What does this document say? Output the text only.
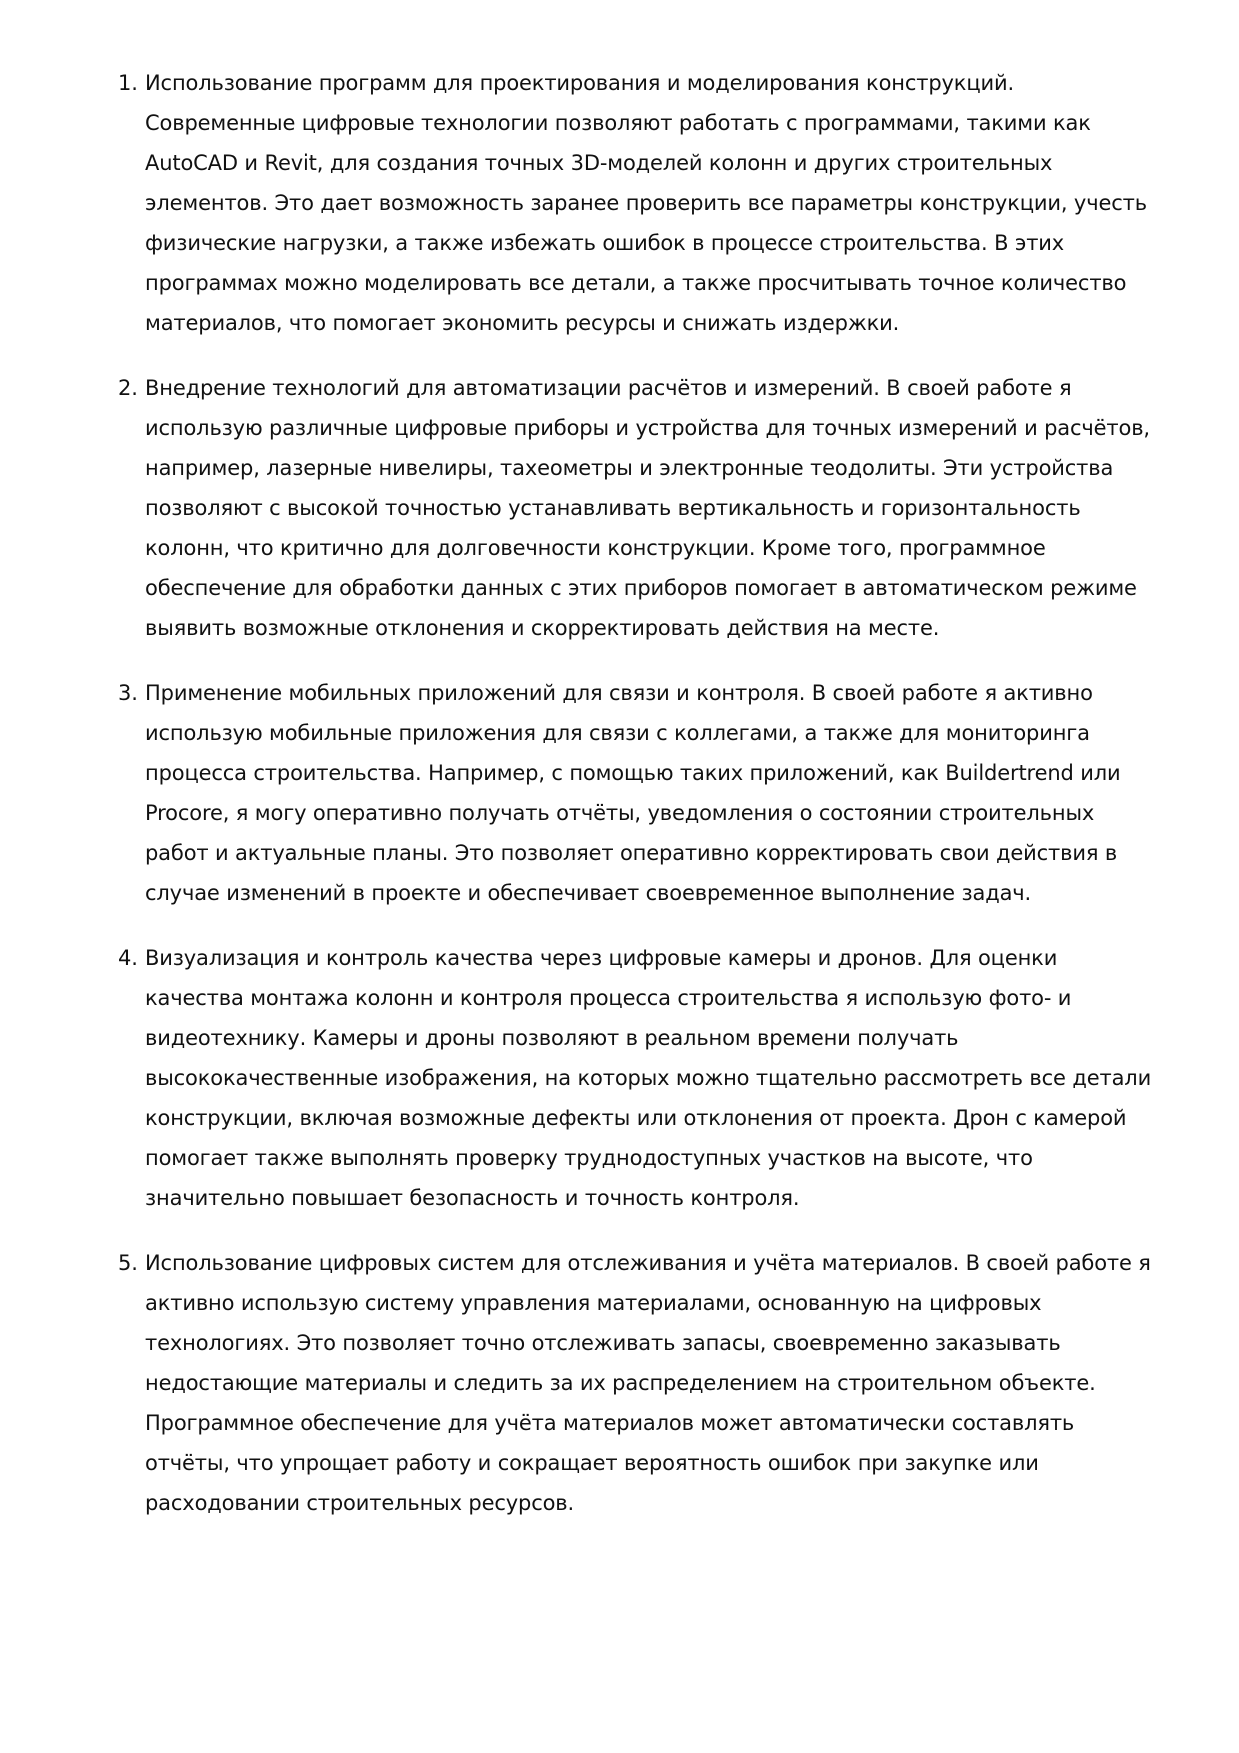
1. Использование программ для проектирования и моделирования конструкций. Современные цифровые технологии позволяют работать с программами, такими как AutoCAD и Revit, для создания точных 3D-моделей колонн и других строительных элементов. Это дает возможность заранее проверить все параметры конструкции, учесть физические нагрузки, а также избежать ошибок в процессе строительства. В этих программах можно моделировать все детали, а также просчитывать точное количество материалов, что помогает экономить ресурсы и снижать издержки.
2. Внедрение технологий для автоматизации расчётов и измерений. В своей работе я использую различные цифровые приборы и устройства для точных измерений и расчётов, например, лазерные нивелиры, тахеометры и электронные теодолиты. Эти устройства позволяют с высокой точностью устанавливать вертикальность и горизонтальность колонн, что критично для долговечности конструкции. Кроме того, программное обеспечение для обработки данных с этих приборов помогает в автоматическом режиме выявить возможные отклонения и скорректировать действия на месте.
3. Применение мобильных приложений для связи и контроля. В своей работе я активно использую мобильные приложения для связи с коллегами, а также для мониторинга процесса строительства. Например, с помощью таких приложений, как Buildertrend или Procore, я могу оперативно получать отчёты, уведомления о состоянии строительных работ и актуальные планы. Это позволяет оперативно корректировать свои действия в случае изменений в проекте и обеспечивает своевременное выполнение задач.
4. Визуализация и контроль качества через цифровые камеры и дронов. Для оценки качества монтажа колонн и контроля процесса строительства я использую фото- и видеотехнику. Камеры и дроны позволяют в реальном времени получать высококачественные изображения, на которых можно тщательно рассмотреть все детали конструкции, включая возможные дефекты или отклонения от проекта. Дрон с камерой помогает также выполнять проверку труднодоступных участков на высоте, что значительно повышает безопасность и точность контроля.
5. Использование цифровых систем для отслеживания и учёта материалов. В своей работе я активно использую систему управления материалами, основанную на цифровых технологиях. Это позволяет точно отслеживать запасы, своевременно заказывать недостающие материалы и следить за их распределением на строительном объекте. Программное обеспечение для учёта материалов может автоматически составлять отчёты, что упрощает работу и сокращает вероятность ошибок при закупке или расходовании строительных ресурсов.
